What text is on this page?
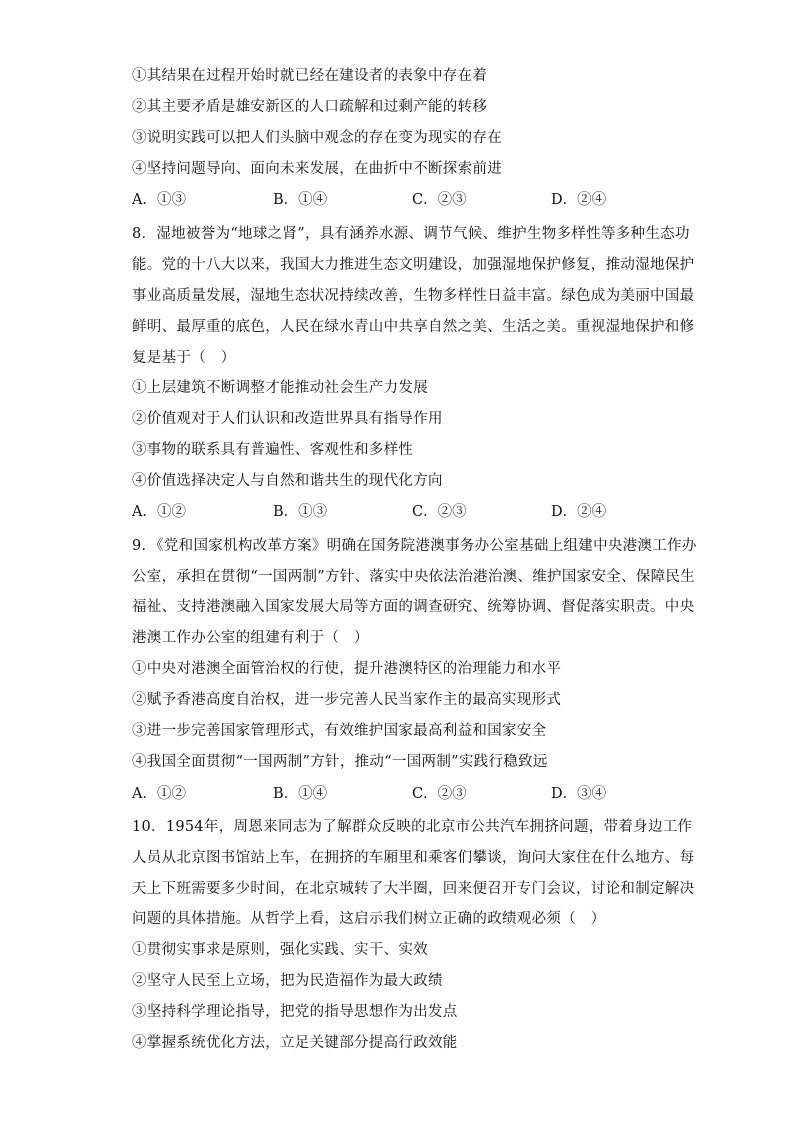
①其结果在过程开始时就已经在建设者的表象中存在着
②其主要矛盾是雄安新区的人口疏解和过剩产能的转移
③说明实践可以把人们头脑中观念的存在变为现实的存在
④坚持问题导向、面向未来发展，在曲折中不断探索前进
A．①③	B．①④	C．②③	D．②④
8．湿地被誉为“地球之肾”，具有涵养水源、调节气候、维护生物多样性等多种生态功
能。党的十八大以来，我国大力推进生态文明建设，加强湿地保护修复，推动湿地保护
事业高质量发展，湿地生态状况持续改善，生物多样性日益丰富。绿色成为美丽中国最
鲜明、最厚重的底色，人民在绿水青山中共享自然之美、生活之美。重视湿地保护和修
复是基于（　）
①上层建筑不断调整才能推动社会生产力发展
②价值观对于人们认识和改造世界具有指导作用
③事物的联系具有普遍性、客观性和多样性
④价值选择决定人与自然和谐共生的现代化方向
A．①②	B．①③	C．②③	D．②④
9．《党和国家机构改革方案》明确在国务院港澳事务办公室基础上组建中央港澳工作办
公室，承担在贯彻“一国两制”方针、落实中央依法治港治澳、维护国家安全、保障民生
福祉、支持港澳融入国家发展大局等方面的调查研究、统筹协调、督促落实职责。中央
港澳工作办公室的组建有利于（　）
①中央对港澳全面管治权的行使，提升港澳特区的治理能力和水平
②赋予香港高度自治权，进一步完善人民当家作主的最高实现形式
③进一步完善国家管理形式，有效维护国家最高利益和国家安全
④我国全面贯彻“一国两制”方针，推动“一国两制”实践行稳致远
A．①②	B．①④	C．②③	D．③④
10．1954年，周恩来同志为了解群众反映的北京市公共汽车拥挤问题，带着身边工作
人员从北京图书馆站上车，在拥挤的车厢里和乘客们攀谈，询问大家住在什么地方、每
天上下班需要多少时间，在北京城转了大半圈，回来便召开专门会议，讨论和制定解决
问题的具体措施。从哲学上看，这启示我们树立正确的政绩观必须（　）
①贯彻实事求是原则，强化实践、实干、实效
②坚守人民至上立场，把为民造福作为最大政绩
③坚持科学理论指导，把党的指导思想作为出发点
④掌握系统优化方法，立足关键部分提高行政效能
